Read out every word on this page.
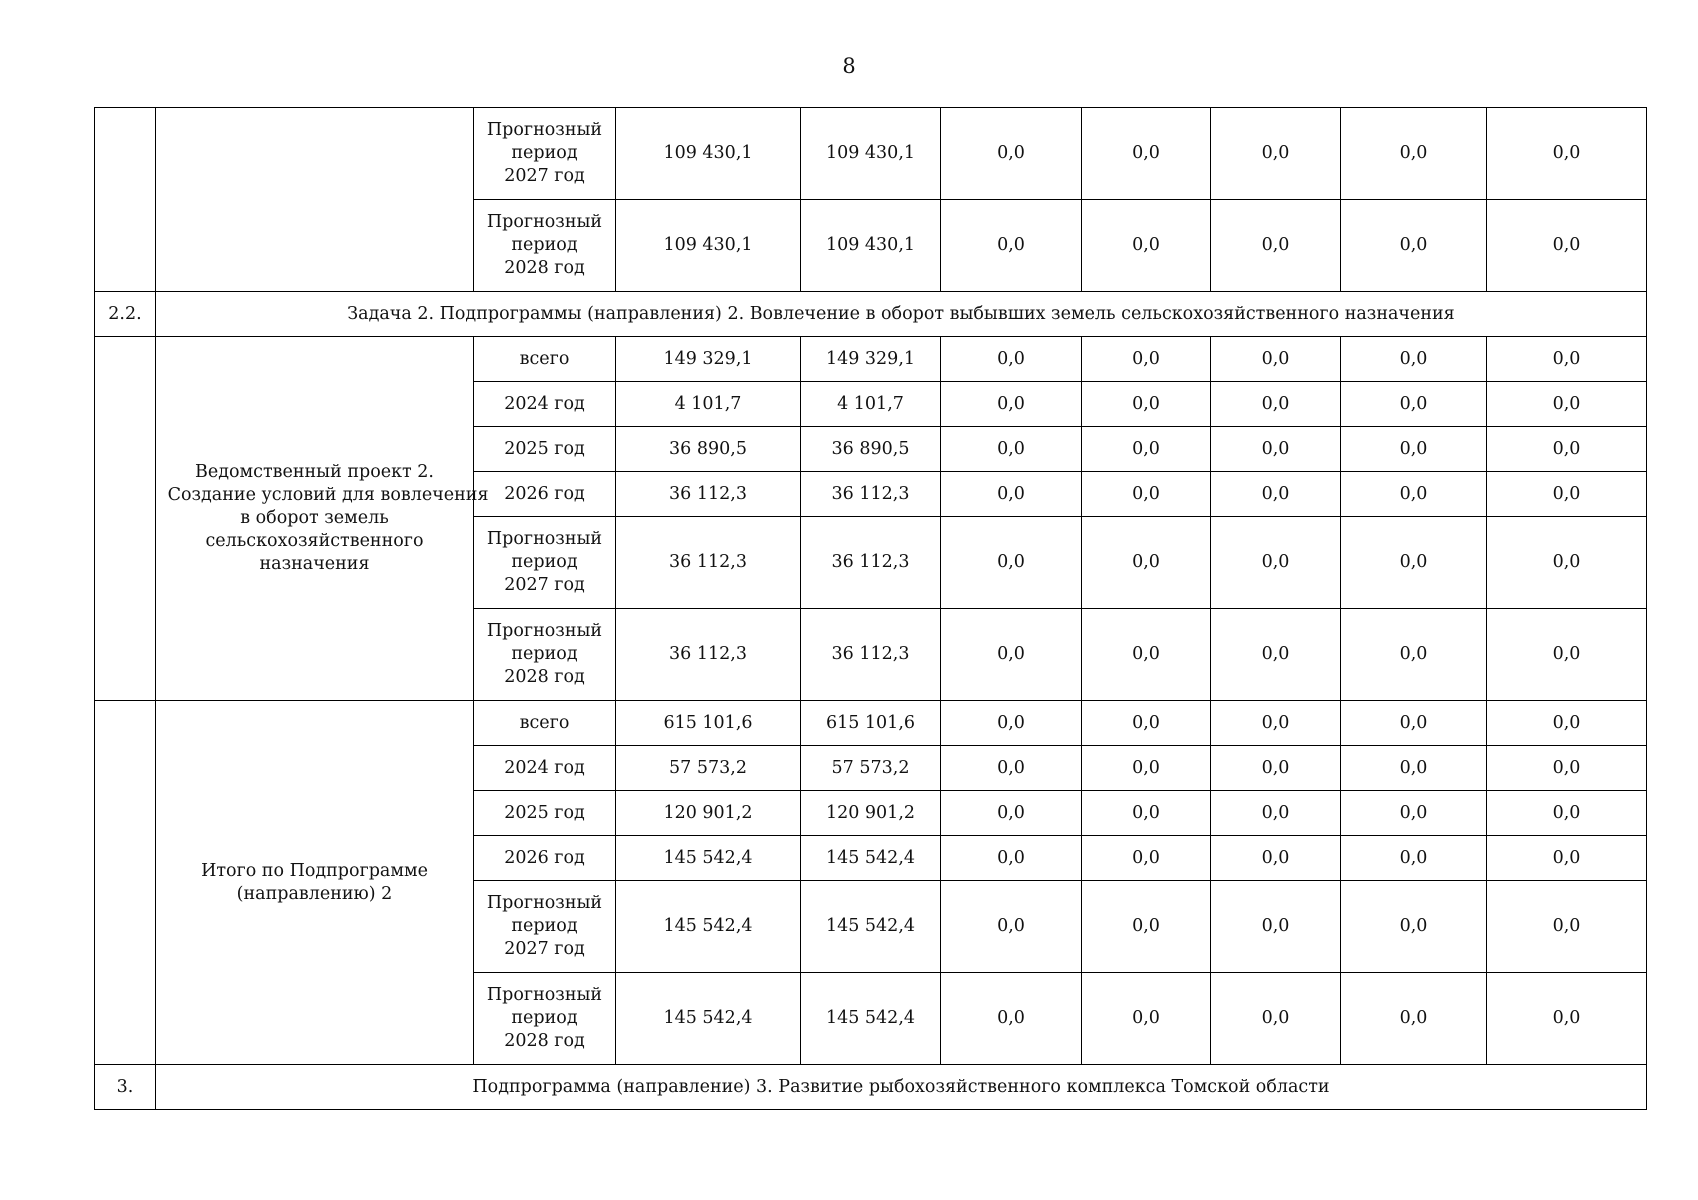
8

		Прогнозный
период
2027 год	109 430,1	109 430,1	0,0	0,0	0,0	0,0	0,0

		Прогнозный
период
2028 год	109 430,1	109 430,1	0,0	0,0	0,0	0,0	0,0
2.2.	Задача 2. Подпрограммы (направления) 2. Вовлечение в оборот выбывших земель сельскохозяйственного назначения								

	Ведомственный проект 2.
Создание условий для вовлечения
в оборот земель
сельскохозяйственного назначения	всего	149 329,1	149 329,1	0,0	0,0	0,0	0,0	0,0

		2024 год	4 101,7	4 101,7	0,0	0,0	0,0	0,0	0,0

		2025 год	36 890,5	36 890,5	0,0	0,0	0,0	0,0	0,0

		2026 год	36 112,3	36 112,3	0,0	0,0	0,0	0,0	0,0

		Прогнозный
период
2027 год	36 112,3	36 112,3	0,0	0,0	0,0	0,0	0,0

		Прогнозный
период
2028 год	36 112,3	36 112,3	0,0	0,0	0,0	0,0	0,0

	Итого по Подпрограмме
(направлению) 2	всего	615 101,6	615 101,6	0,0	0,0	0,0	0,0	0,0

		2024 год	57 573,2	57 573,2	0,0	0,0	0,0	0,0	0,0

		2025 год	120 901,2	120 901,2	0,0	0,0	0,0	0,0	0,0

		2026 год	145 542,4	145 542,4	0,0	0,0	0,0	0,0	0,0

		Прогнозный
период
2027 год	145 542,4	145 542,4	0,0	0,0	0,0	0,0	0,0

		Прогнозный
период
2028 год	145 542,4	145 542,4	0,0	0,0	0,0	0,0	0,0
3.	Подпрограмма (направление) 3. Развитие рыбохозяйственного комплекса Томской области								
